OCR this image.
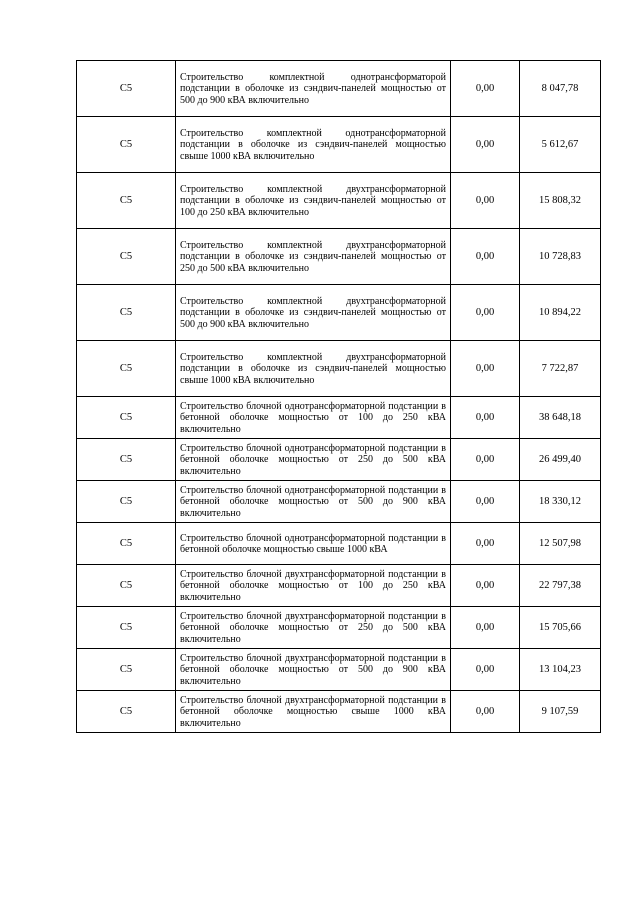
С5	Строительство комплектной однотрансформаторой подстанции в оболочке из сэндвич-панелей мощностью от 500 до 900 кВА включительно	0,00	8 047,78
С5	Строительство комплектной однотрансформаторной подстанции в оболочке из сэндвич-панелей мощностью свыше 1000 кВА включительно	0,00	5 612,67
С5	Строительство комплектной двухтрансформаторной подстанции в оболочке из сэндвич-панелей мощностью от 100 до 250 кВА включительно	0,00	15 808,32
С5	Строительство комплектной двухтрансформаторной подстанции в оболочке из сэндвич-панелей мощностью от 250 до 500 кВА включительно	0,00	10 728,83
С5	Строительство комплектной двухтрансформаторной подстанции в оболочке из сэндвич-панелей мощностью от 500 до 900 кВА включительно	0,00	10 894,22
С5	Строительство комплектной двухтрансформаторной подстанции в оболочке из сэндвич-панелей мощностью свыше 1000 кВА включительно	0,00	7 722,87
С5	Строительство блочной однотрансформаторной подстанции в бетонной оболочке мощностью от 100 до 250 кВА включительно	0,00	38 648,18
С5	Строительство блочной однотрансформаторной подстанции в бетонной оболочке мощностью от 250 до 500 кВА включительно	0,00	26 499,40
С5	Строительство блочной однотрансформаторной подстанции в бетонной оболочке мощностью от 500 до 900 кВА включительно	0,00	18 330,12
С5	Строительство блочной однотрансформаторной подстанции в бетонной оболочке мощностью свыше 1000 кВА	0,00	12 507,98
С5	Строительство блочной двухтрансформаторной подстанции в бетонной оболочке мощностью от 100 до 250 кВА включительно	0,00	22 797,38
С5	Строительство блочной двухтрансформаторной подстанции в бетонной оболочке мощностью от 250 до 500 кВА включительно	0,00	15 705,66
С5	Строительство блочной двухтрансформаторной подстанции в бетонной оболочке мощностью от 500 до 900 кВА включительно	0,00	13 104,23
С5	Строительство блочной двухтрансформаторной подстанции в бетонной оболочке мощностью свыше 1000 кВА включительно	0,00	9 107,59
